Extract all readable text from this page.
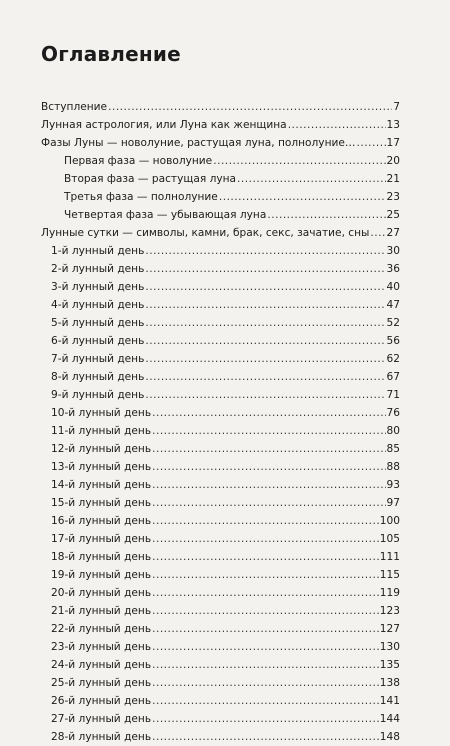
Оглавление
Вступление .....	7
Лунная астрология, или Луна как женщина .....	13
Фазы Луны — новолуние, растущая луна, полнолуние… .....	17
Первая фаза — новолуние .....	20
Вторая фаза — растущая луна .....	21
Третья фаза — полнолуние .....	23
Четвертая фаза — убывающая луна .....	25
Лунные сутки — символы, камни, брак, секс, зачатие, сны ..... 27
1-й лунный день .....	30
2-й лунный день .....	36
3-й лунный день .....	40
4-й лунный день .....	47
5-й лунный день .....	52
6-й лунный день .....	56
7-й лунный день .....	62
8-й лунный день .....	67
9-й лунный день .....	71
10-й лунный день .....	76
11-й лунный день .....	80
12-й лунный день .....	85
13-й лунный день .....	88
14-й лунный день .....	93
15-й лунный день .....	97
16-й лунный день .....	100
17-й лунный день .....	105
18-й лунный день .....	111
19-й лунный день .....	115
20-й лунный день .....	119
21-й лунный день .....	123
22-й лунный день .....	127
23-й лунный день .....	130
24-й лунный день .....	135
25-й лунный день .....	138
26-й лунный день .....	141
27-й лунный день .....	144
28-й лунный день .....	148
